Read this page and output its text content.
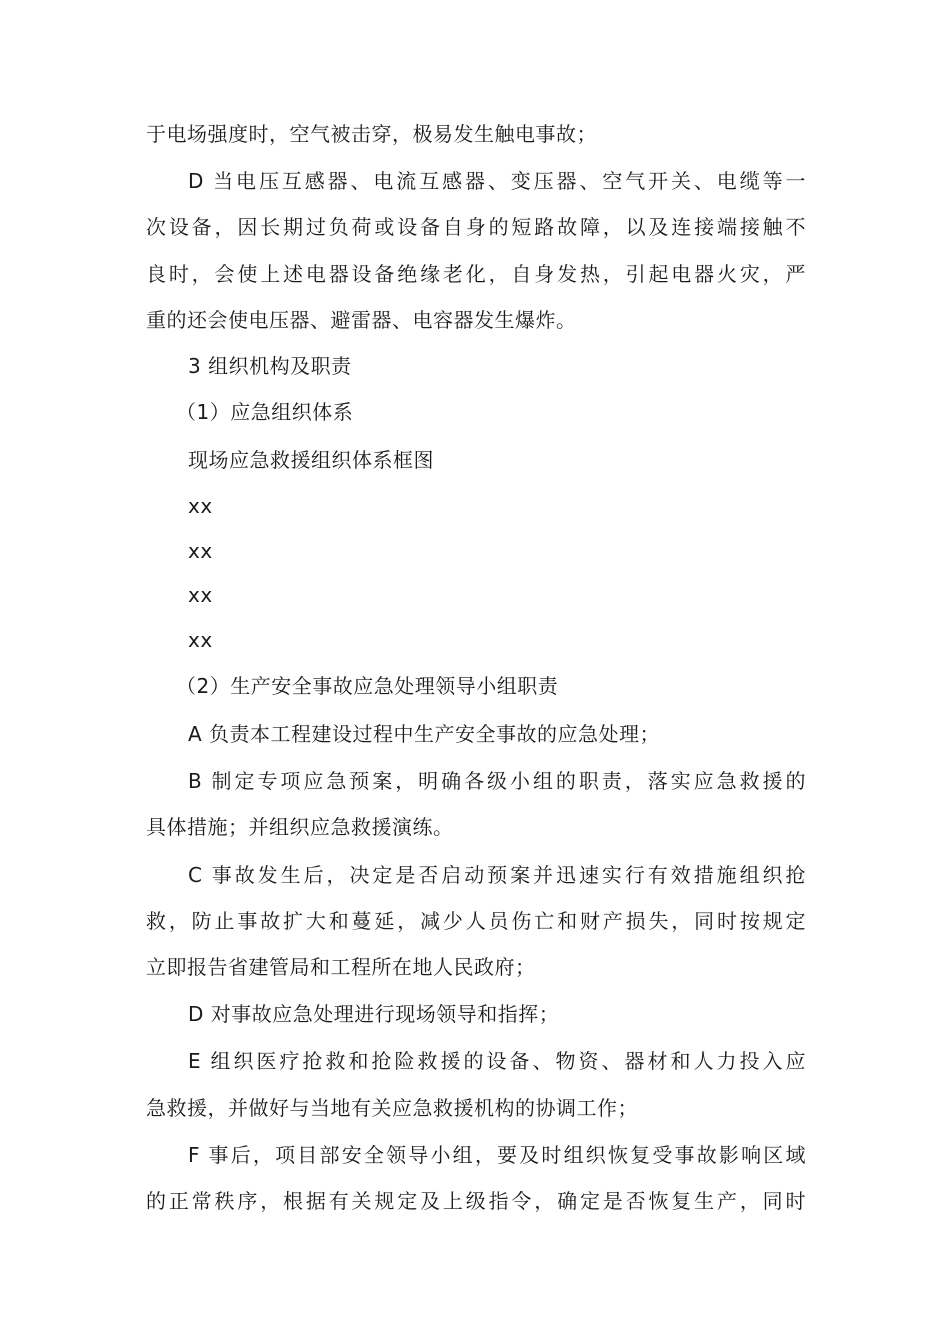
于电场强度时，空气被击穿，极易发生触电事故；
D 当电压互感器、电流互感器、变压器、空气开关、电缆等一
次设备，因长期过负荷或设备自身的短路故障，以及连接端接触不
良时，会使上述电器设备绝缘老化，自身发热，引起电器火灾，严
重的还会使电压器、避雷器、电容器发生爆炸。
3 组织机构及职责
（1）应急组织体系
现场应急救援组织体系框图
xx
xx
xx
xx
（2）生产安全事故应急处理领导小组职责
A 负责本工程建设过程中生产安全事故的应急处理；
B 制定专项应急预案，明确各级小组的职责，落实应急救援的
具体措施；并组织应急救援演练。
C 事故发生后，决定是否启动预案并迅速实行有效措施组织抢
救，防止事故扩大和蔓延，减少人员伤亡和财产损失，同时按规定
立即报告省建管局和工程所在地人民政府；
D 对事故应急处理进行现场领导和指挥；
E 组织医疗抢救和抢险救援的设备、物资、器材和人力投入应
急救援，并做好与当地有关应急救援机构的协调工作；
F 事后，项目部安全领导小组，要及时组织恢复受事故影响区域
的正常秩序，根据有关规定及上级指令，确定是否恢复生产，同时
